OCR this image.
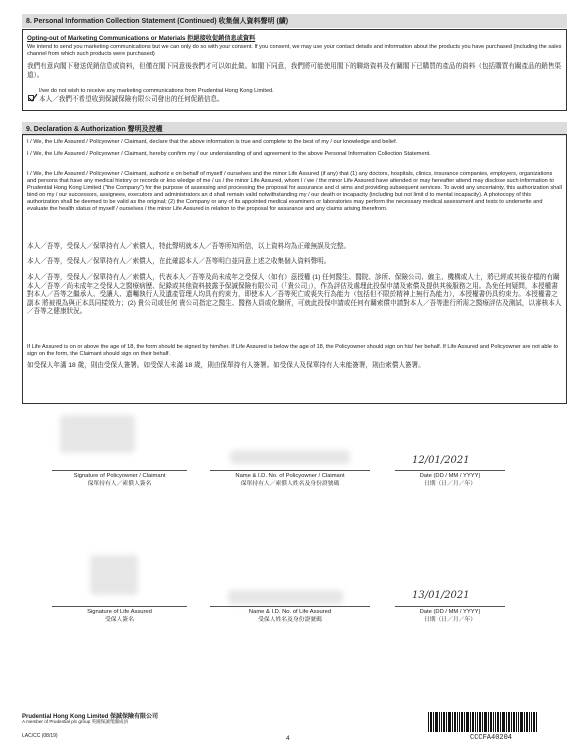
8. Personal Information Collection Statement (Continued) 收集個人資料聲明 (續)
Opting-out of Marketing Communications or Materials 拒絕接收促銷信息或資料
We intend to send you marketing communications but we can only do so with your consent. If you consent, we may use your contact details and information about the products you have purchased (including the sales channel from which such products were purchased)
我們有意向閣下發送促銷信息或資料，但僅在閣下同意後我們才可以如此做。如閣下同意，我們將可能使用閣下的聯絡資料及有關閣下已購買的產品的資料（包括購買有關產品的銷售渠道）。
I/we do not wish to receive any marketing communications from Prudential Hong Kong Limited.
本人／我們不希望收到保誠保險有限公司發出的任何促銷信息。
9. Declaration & Authorization 聲明及授權
I / We, the Life Assured / Policyowner / Claimant, declare that the above information is true and complete to the best of my / our knowledge and belief.
I / We, the Life Assured / Policyowner / Claimant, hereby confirm my / our understanding of and agreement to the above Personal Information Collection Statement.
I / We, the Life Assured / Policyowner / Claimant, authoriz e on behalf of myself / ourselves and the minor Life Assured (if any) that (1) any doctors, hospitals, clinics, insurance companies, employers, organizations and persons that have any medical history or records or kno wledge of me / us / the minor Life Assured, whom I / we / the minor Life Assured have attended or may hereafter attend may disclose such information to Prudential Hong Kong Limited ("the Company") for the purpose of assessing and processing the proposal for assurance and cl aims and providing subsequent services. To avoid any uncertainty, this authorization shall bind on my / our successors, assignees, executors and administrators an d shall remain valid notwithstanding my / our death or incapacity (including but not limit d to mental incapacity). A photocopy of this authorization shall be deemed to be valid as the original; (2) the Company or any of its appointed medical examiners or laboratories may perform the necessary medical assessment and tests to underwrite and evaluate the health status of myself / ourselves / the minor Life Assured in relation to the proposal for assurance and any claims arising therefrom.
本人／吾等，受保人／保單持有人／索償人，特此聲明就本人／吾等所知所信，以上資料均為正確無誤及完整。
本人／吾等，受保人／保單持有人／索償人，在此確認本人／吾等明白並同意上述之收集個人資料聲明。
本人／吾等，受保人／保單持有人／索償人，代表本人／吾等及尚未成年之受保人（如有）茲授權 (1) 任何醫生、醫院、診所、保險公司、僱主、機構或人士，將已經或其後存檔的有關本人／吾等／尚未成年之受保人之醫療病歷、紀錄或其他資料披露予保誠保險有限公司（「貴公司」），作為評估及處理此投保申請及索償及提供其後服務之用。為免任何疑問，本授權書對本人／吾等之繼承人、受讓人、遺囑執行人及遺產管理人均具有約束力，即使本人／吾等死亡或喪失行為能力（包括但不限於精神上無行為能力），本授權書仍具約束力。本授權書之副本 將被視為與正本具同樣效力；(2) 貴公司或任何 貴公司指定之醫生、醫務人員或化驗所，可就此投保申請或任何有關索償申請對本人／吾等進行所需之醫療評估及測試，以審核本人／吾等之健康狀況。
If Life Assured is on or above the age of 18, the form should be signed by him/her. If Life Assured is below the age of 18, the Policyowner should sign on his/ her behalf. If Life Assured and Policyowner are not able to sign on the form, the Claimant should sign on their behalf.
如受保人年滿 18 歲，則由受保人簽署。如受保人未滿 18 歲，則由保單持有人簽署。如受保人及保單持有人未能簽署，則由索償人簽署。
12/01/2021
Signature of Policyowner / Claimant
保單持有人／索償人簽名
Name & I.D. No. of Policyowner / Claimant
保單持有人／索償人姓名及身份證號碼
Date (DD / MM / YYYY)
日期（日／月／年）
13/01/2021
Signature of Life Assured
受保人簽名
Name & I.D. No. of Life Assured
受保人姓名及身份證號碼
Date (DD / MM / YYYY)
日期（日／月／年）
Prudential Hong Kong Limited 保誠保險有限公司
A member of Prudential plc group 英國保誠集團成員
LAC/CC (08/19)	4	CCCFA40204
